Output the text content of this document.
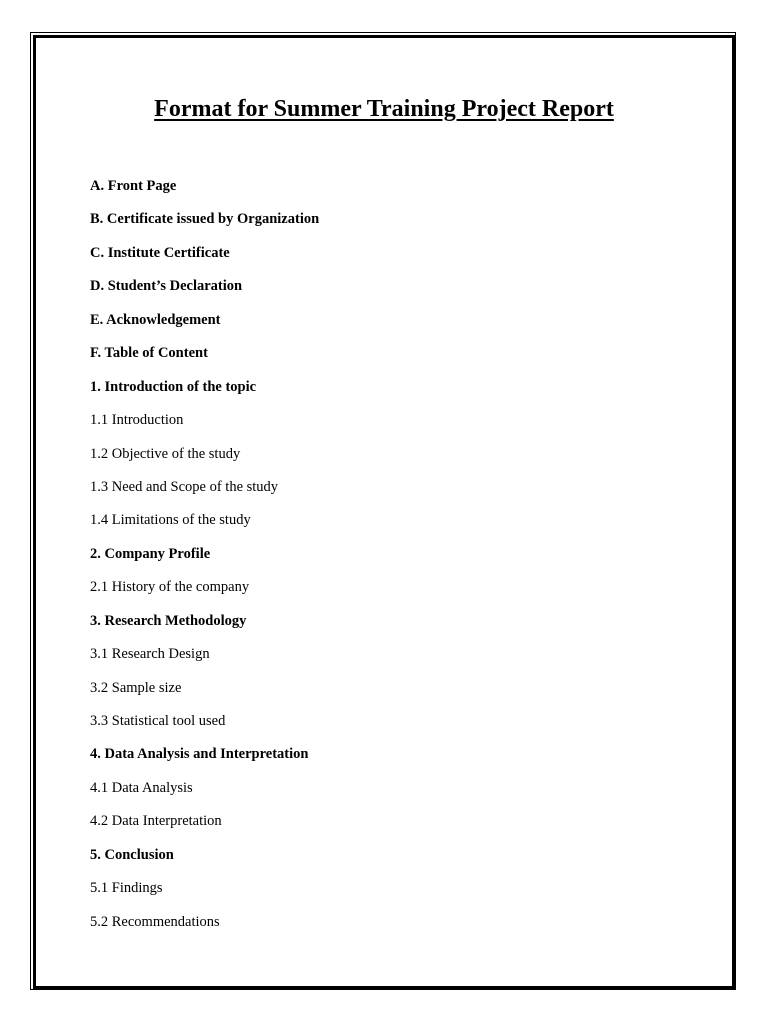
Format for Summer Training Project Report
A. Front Page
B. Certificate issued by Organization
C. Institute Certificate
D. Student’s Declaration
E. Acknowledgement
F. Table of Content
1. Introduction of the topic
1.1 Introduction
1.2 Objective of the study
1.3 Need and Scope of the study
1.4 Limitations of the study
2. Company Profile
2.1 History of the company
3. Research Methodology
3.1 Research Design
3.2 Sample size
3.3 Statistical tool used
4. Data Analysis and Interpretation
4.1 Data Analysis
4.2 Data Interpretation
5. Conclusion
5.1 Findings
5.2 Recommendations
